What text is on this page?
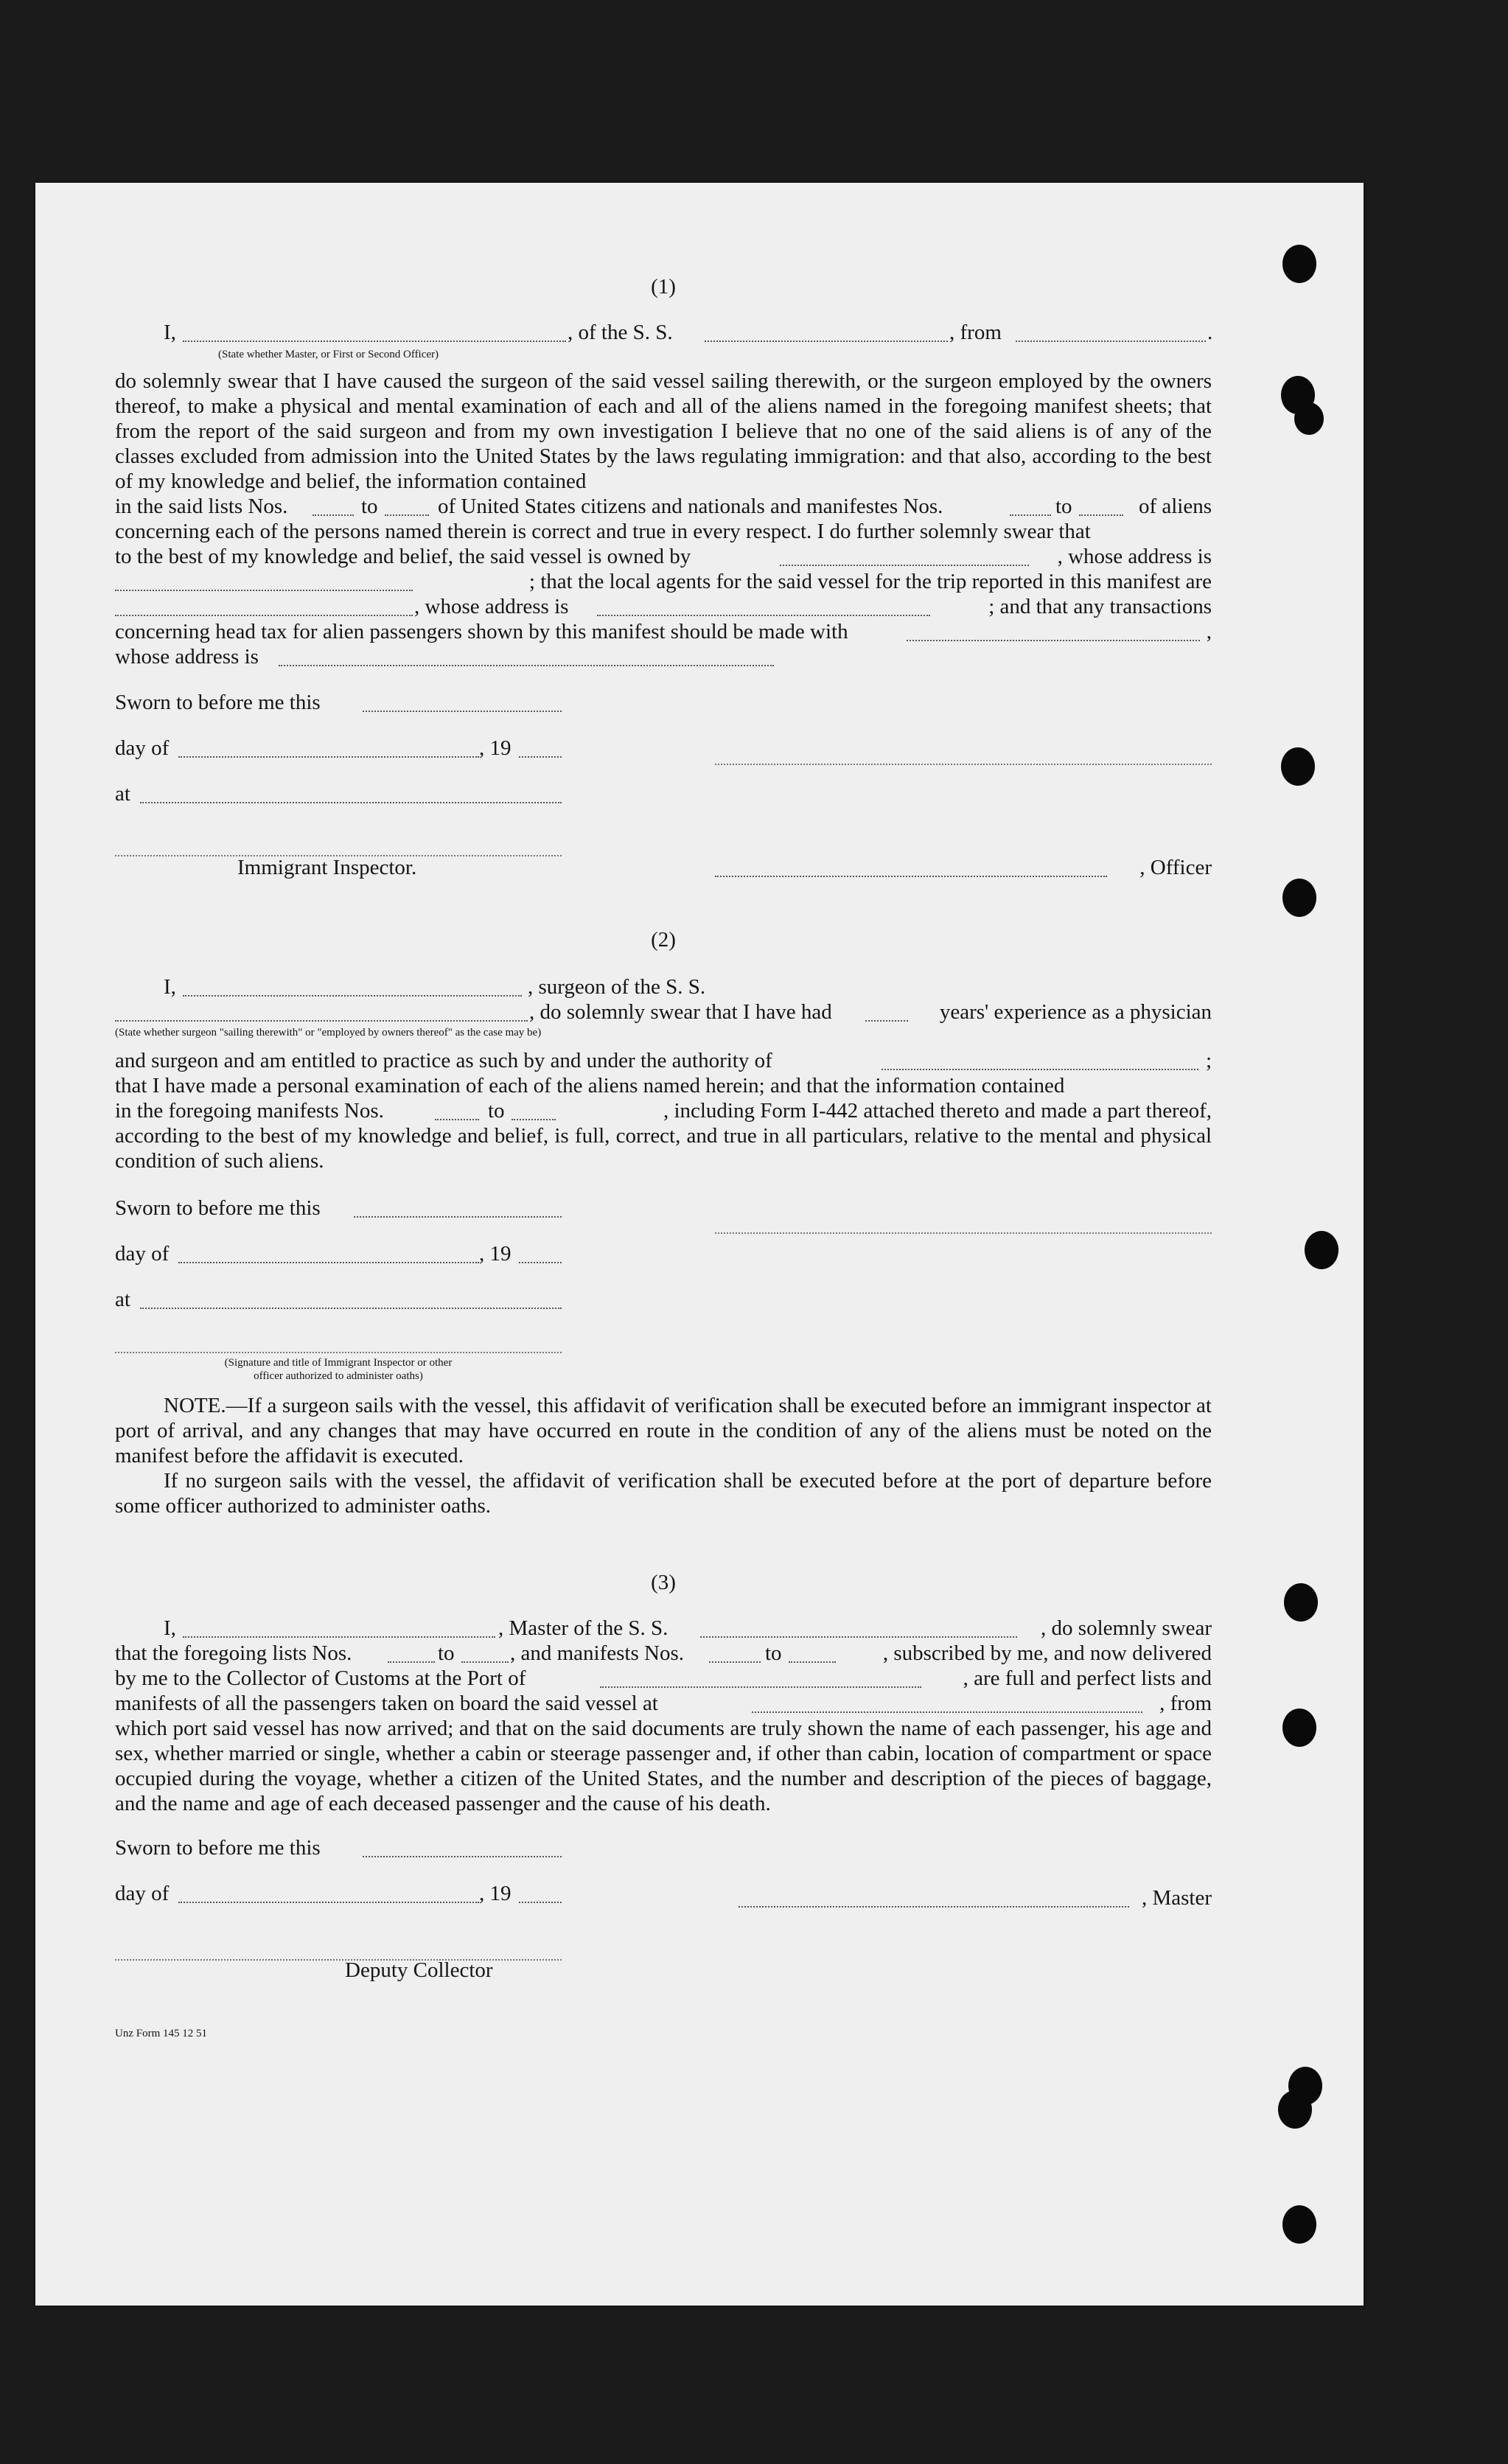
(1)
I,	, of the S. S.	, from	.
(State whether Master, or First or Second Officer)
do solemnly swear that I have caused the surgeon of the said vessel sailing therewith, or the surgeon employed by the owners thereof, to make a physical and mental examination of each and all of the aliens named in the foregoing manifest sheets; that from the report of the said surgeon and from my own investigation I believe that no one of the said aliens is of any of the classes excluded from admission into the United States by the laws regulating immigration: and that also, according to the best of my knowledge and belief, the information contained
in the said lists Nos.	to	of United States citizens and nationals and manifestes Nos.	to	of aliens
concerning each of the persons named therein is correct and true in every respect. I do further solemnly swear that
to the best of my knowledge and belief, the said vessel is owned by	, whose address is
; that the local agents for the said vessel for the trip reported in this manifest are
, whose address is	; and that any transactions
concerning head tax for alien passengers shown by this manifest should be made with	,
whose address is
Sworn to before me this
day of	, 19
at
Immigrant Inspector.	, Officer
(2)
I,	, surgeon of the S. S.
, do solemnly swear that I have had	years' experience as a physician
(State whether surgeon "sailing therewith" or "employed by owners thereof" as the case may be)
and surgeon and am entitled to practice as such by and under the authority of	;
that I have made a personal examination of each of the aliens named herein; and that the information contained
in the foregoing manifests Nos.	to	, including Form I-442 attached thereto and made a part thereof,
according to the best of my knowledge and belief, is full, correct, and true in all particulars, relative to the mental and physical condition of such aliens.
Sworn to before me this
day of	, 19
at
(Signature and title of Immigrant Inspector or other
officer authorized to administer oaths)
NOTE.—If a surgeon sails with the vessel, this affidavit of verification shall be executed before an immigrant inspector at port of arrival, and any changes that may have occurred en route in the condition of any of the aliens must be noted on the manifest before the affidavit is executed.
If no surgeon sails with the vessel, the affidavit of verification shall be executed before at the port of departure before some officer authorized to administer oaths.
(3)
I,	, Master of the S. S.	, do solemnly swear
that the foregoing lists Nos.	to	, and manifests Nos.	to	, subscribed by me, and now delivered
by me to the Collector of Customs at the Port of	, are full and perfect lists and
manifests of all the passengers taken on board the said vessel at	, from
which port said vessel has now arrived; and that on the said documents are truly shown the name of each passenger, his age and sex, whether married or single, whether a cabin or steerage passenger and, if other than cabin, location of compartment or space occupied during the voyage, whether a citizen of the United States, and the number and description of the pieces of baggage, and the name and age of each deceased passenger and the cause of his death.
Sworn to before me this
day of	, 19	, Master
Deputy Collector
Unz Form 145 12 51
